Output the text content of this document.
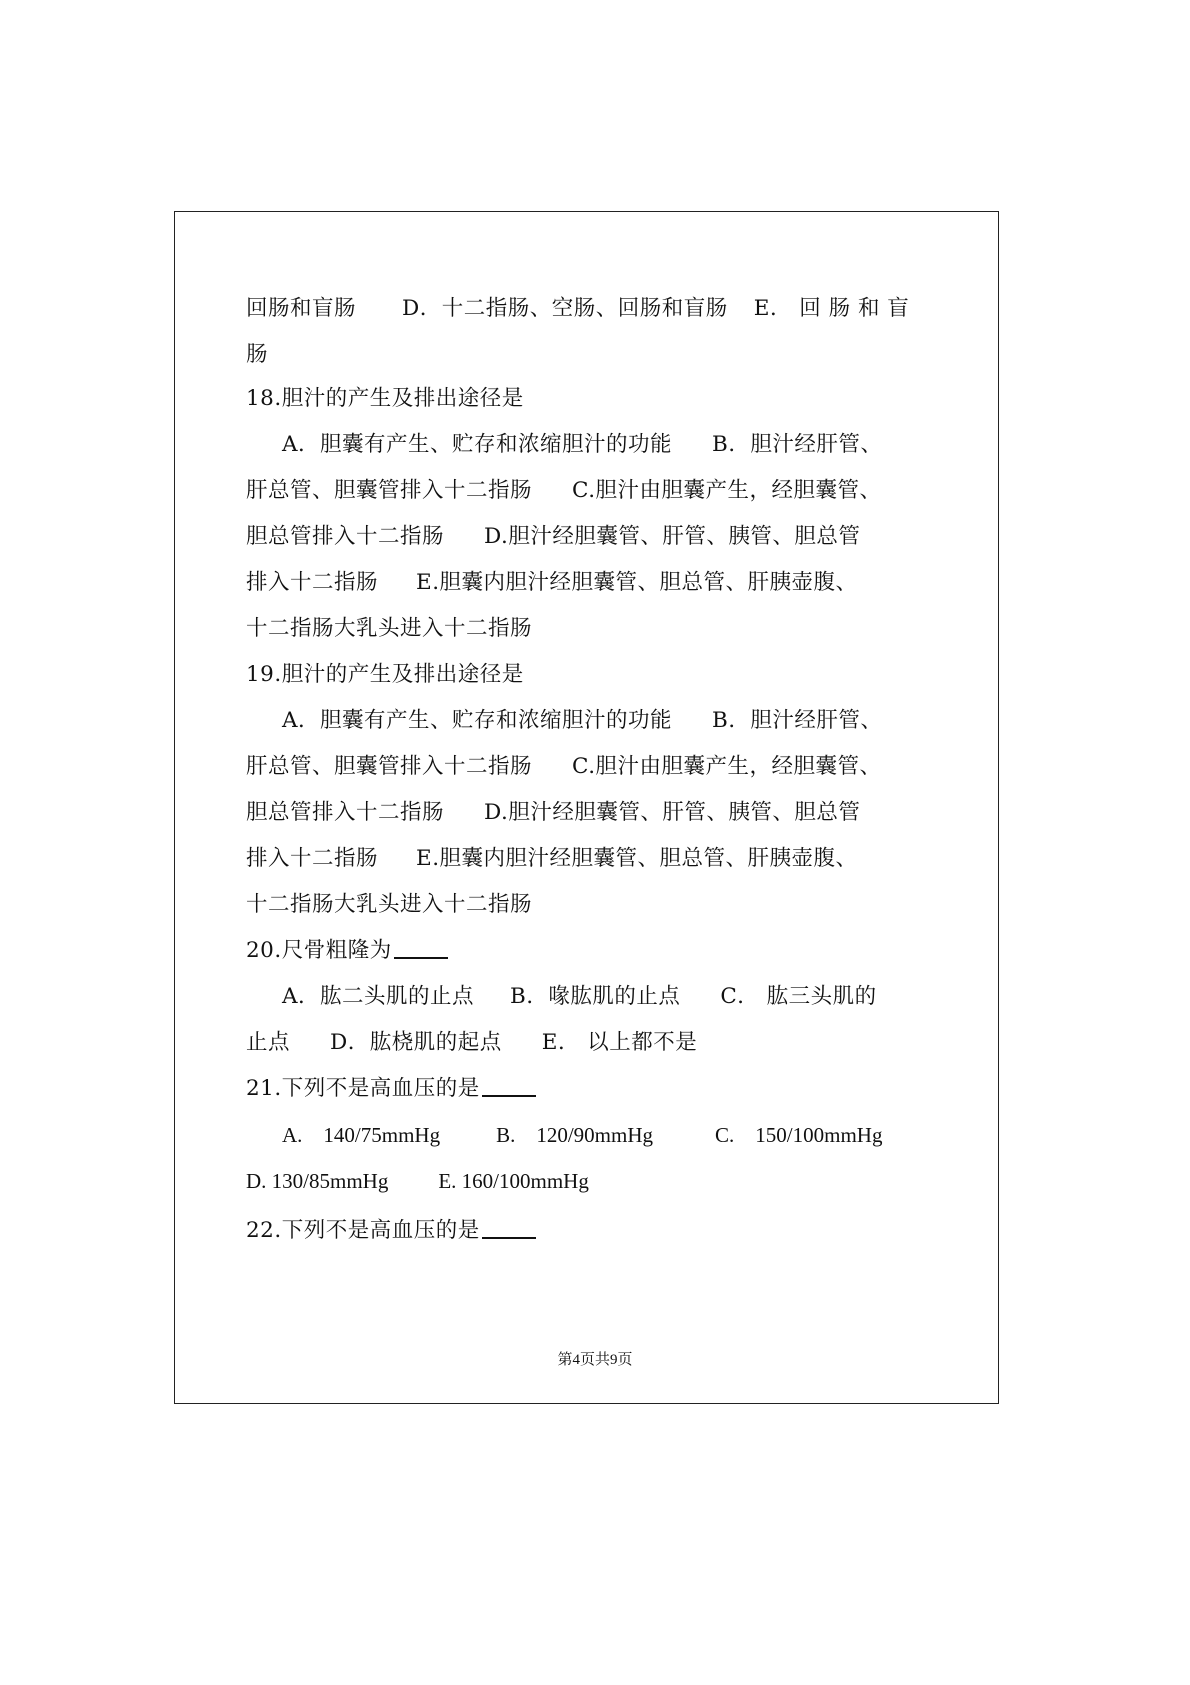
回肠和盲肠 D．十二指肠、空肠、回肠和盲肠 E． 回 肠 和 盲
肠
18.胆汁的产生及排出途径是
A．胆囊有产生、贮存和浓缩胆汁的功能 B．胆汁经肝管、
肝总管、胆囊管排入十二指肠 C.胆汁由胆囊产生，经胆囊管、
胆总管排入十二指肠 D.胆汁经胆囊管、肝管、胰管、胆总管
排入十二指肠 E.胆囊内胆汁经胆囊管、胆总管、肝胰壶腹、
十二指肠大乳头进入十二指肠
19.胆汁的产生及排出途径是
A．胆囊有产生、贮存和浓缩胆汁的功能 B．胆汁经肝管、
肝总管、胆囊管排入十二指肠 C.胆汁由胆囊产生，经胆囊管、
胆总管排入十二指肠 D.胆汁经胆囊管、肝管、胰管、胆总管
排入十二指肠 E.胆囊内胆汁经胆囊管、胆总管、肝胰壶腹、
十二指肠大乳头进入十二指肠
20.尺骨粗隆为
A．肱二头肌的止点 B．喙肱肌的止点 C． 肱三头肌的
止点 D．肱桡肌的起点 E． 以上都不是
21.下列不是高血压的是
A.　140/75mmHg	B.　120/90mmHg	C.　150/100mmHg
D. 130/85mmHg E. 160/100mmHg
22.下列不是高血压的是
第4页共9页
